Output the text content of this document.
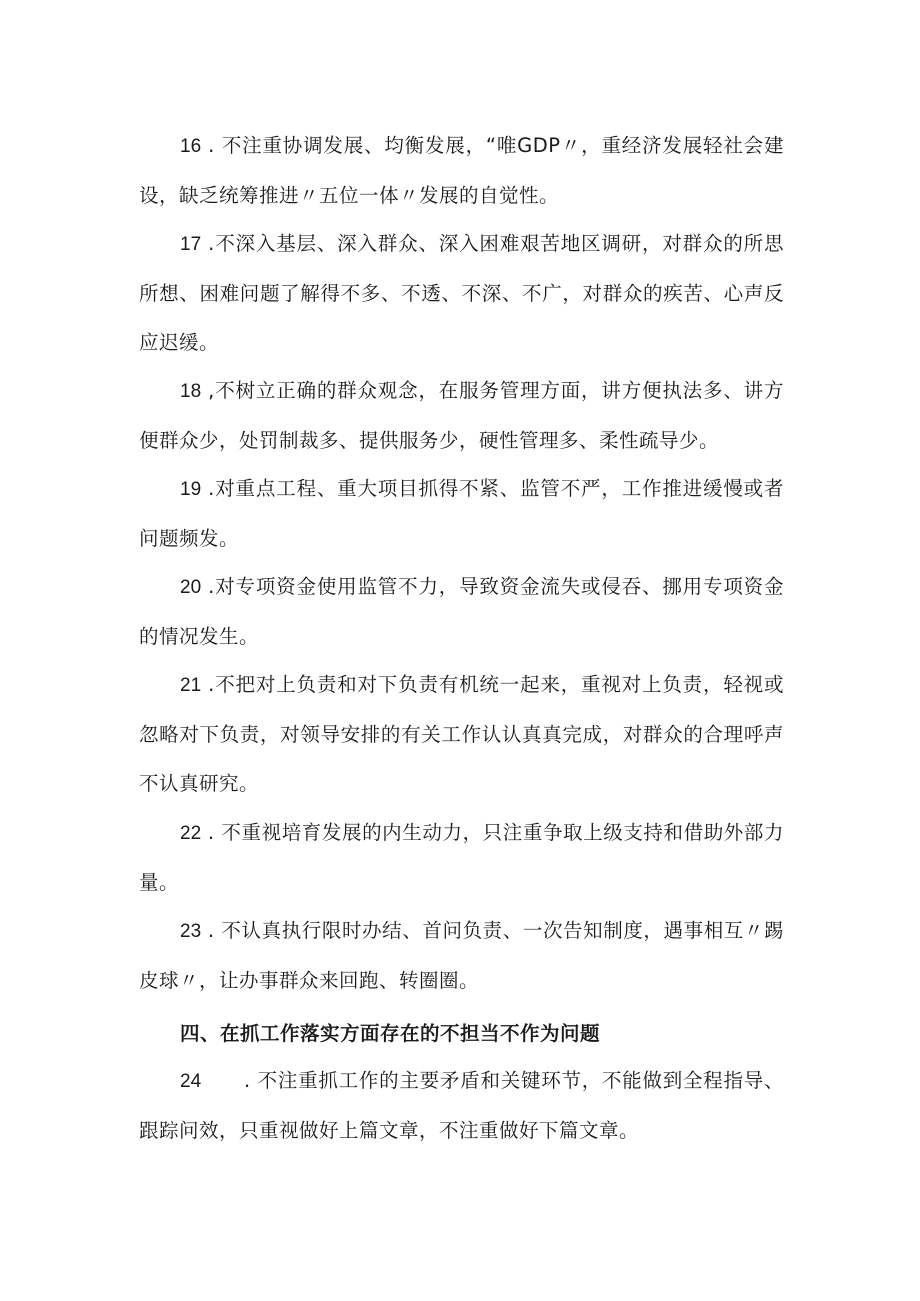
16 . 不注重协调发展、均衡发展，“唯GDP〃，重经济发展轻社会建设，缺乏统筹推进〃五位一体〃发展的自觉性。

17 .不深入基层、深入群众、深入困难艰苦地区调研，对群众的所思所想、困难问题了解得不多、不透、不深、不广，对群众的疾苦、心声反应迟缓。

18 ,不树立正确的群众观念，在服务管理方面，讲方便执法多、讲方便群众少，处罚制裁多、提供服务少，硬性管理多、柔性疏导少。

19 .对重点工程、重大项目抓得不紧、监管不严，工作推进缓慢或者问题频发。

20 .对专项资金使用监管不力，导致资金流失或侵吞、挪用专项资金的情况发生。

21 .不把对上负责和对下负责有机统一起来，重视对上负责，轻视或忽略对下负责，对领导安排的有关工作认认真真完成，对群众的合理呼声不认真研究。

22 . 不重视培育发展的内生动力，只注重争取上级支持和借助外部力量。

23 . 不认真执行限时办结、首问负责、一次告知制度，遇事相互〃踢皮球〃，让办事群众来回跑、转圈圈。

四、在抓工作落实方面存在的不担当不作为问题

24 . 不注重抓工作的主要矛盾和关键环节，不能做到全程指导、跟踪问效，只重视做好上篇文章，不注重做好下篇文章。
